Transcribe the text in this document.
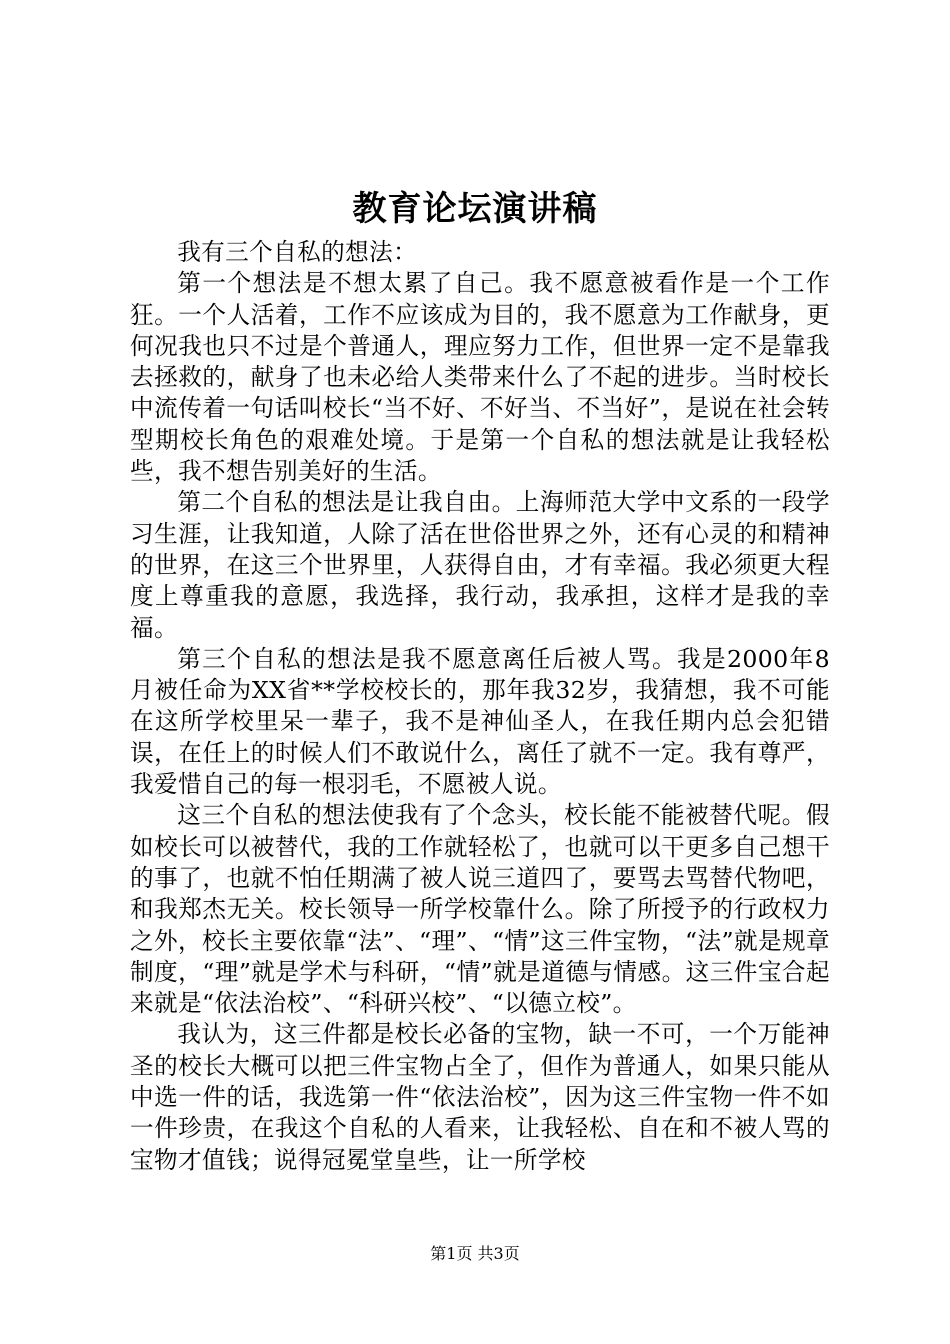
教育论坛演讲稿

我有三个自私的想法：

第一个想法是不想太累了自己。我不愿意被看作是一个工作狂。一个人活着，工作不应该成为目的，我不愿意为工作献身，更何况我也只不过是个普通人，理应努力工作，但世界一定不是靠我去拯救的，献身了也未必给人类带来什么了不起的进步。当时校长中流传着一句话叫校长“当不好、不好当、不当好”，是说在社会转型期校长角色的艰难处境。于是第一个自私的想法就是让我轻松些，我不想告别美好的生活。

第二个自私的想法是让我自由。上海师范大学中文系的一段学习生涯，让我知道，人除了活在世俗世界之外，还有心灵的和精神的世界，在这三个世界里，人获得自由，才有幸福。我必须更大程度上尊重我的意愿，我选择，我行动，我承担，这样才是我的幸福。

第三个自私的想法是我不愿意离任后被人骂。我是2000年8月被任命为XX省**学校校长的，那年我32岁，我猜想，我不可能在这所学校里呆一辈子，我不是神仙圣人，在我任期内总会犯错误，在任上的时候人们不敢说什么，离任了就不一定。我有尊严，我爱惜自己的每一根羽毛，不愿被人说。

这三个自私的想法使我有了个念头，校长能不能被替代呢。假如校长可以被替代，我的工作就轻松了，也就可以干更多自己想干的事了，也就不怕任期满了被人说三道四了，要骂去骂替代物吧，和我郑杰无关。校长领导一所学校靠什么。除了所授予的行政权力之外，校长主要依靠“法”、“理”、“情”这三件宝物，“法”就是规章制度，“理”就是学术与科研，“情”就是道德与情感。这三件宝合起来就是“依法治校”、“科研兴校”、“以德立校”。

我认为，这三件都是校长必备的宝物，缺一不可，一个万能神圣的校长大概可以把三件宝物占全了，但作为普通人，如果只能从中选一件的话，我选第一件“依法治校”，因为这三件宝物一件不如一件珍贵，在我这个自私的人看来，让我轻松、自在和不被人骂的宝物才值钱；说得冠冕堂皇些，让一所学校

第1页 共3页
